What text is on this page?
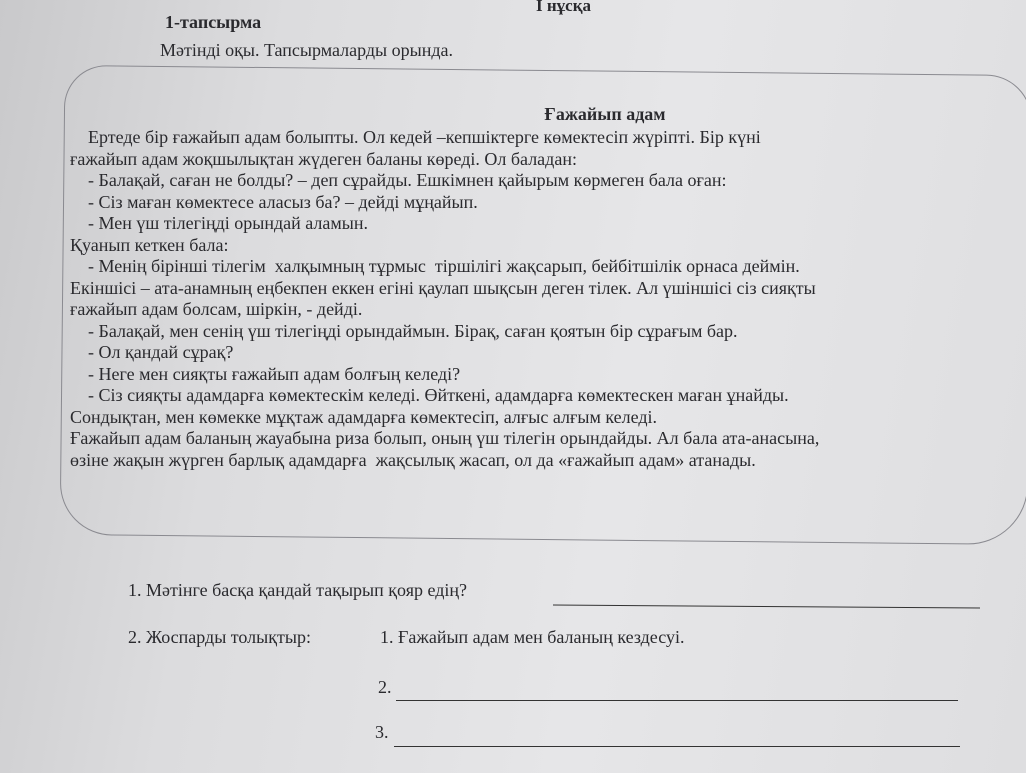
І нұсқа
1-тапсырма
Мәтінді оқы. Тапсырмаларды орында.
Ғажайып адам
Ертеде бір ғажайып адам болыпты. Ол кедей –кепшіктерге көмектесіп жүріпті. Бір күні
ғажайып адам жоқшылықтан жүдеген баланы көреді. Ол баладан:
- Балақай, саған не болды? – деп сұрайды. Ешкімнен қайырым көрмеген бала оған:
- Сіз маған көмектесе аласыз ба? – дейді мұңайып.
- Мен үш тілегіңді орындай аламын.
Қуанып кеткен бала:
- Менің бірінші тілегім  халқымның тұрмыс  тіршілігі жақсарып, бейбітшілік орнаса деймін.
Екіншісі – ата-анамның еңбекпен еккен егіні қаулап шықсын деген тілек. Ал үшіншісі сіз сияқты
ғажайып адам болсам, шіркін, - дейді.
- Балақай, мен сенің үш тілегіңді орындаймын. Бірақ, саған қоятын бір сұрағым бар.
- Ол қандай сұрақ?
- Неге мен сияқты ғажайып адам болғың келеді?
- Сіз сияқты адамдарға көмектескім келеді. Өйткені, адамдарға көмектескен маған ұнайды.
Сондықтан, мен көмекке мұқтаж адамдарға көмектесіп, алғыс алғым келеді.
Ғажайып адам баланың жауабына риза болып, оның үш тілегін орындайды. Ал бала ата-анасына,
өзіне жақын жүрген барлық адамдарға  жақсылық жасап, ол да «ғажайып адам» атанады.
1. Мәтінге басқа қандай тақырып қояр едің?
2. Жоспарды толықтыр:	1. Ғажайып адам мен баланың кездесуі.
2.
3.
